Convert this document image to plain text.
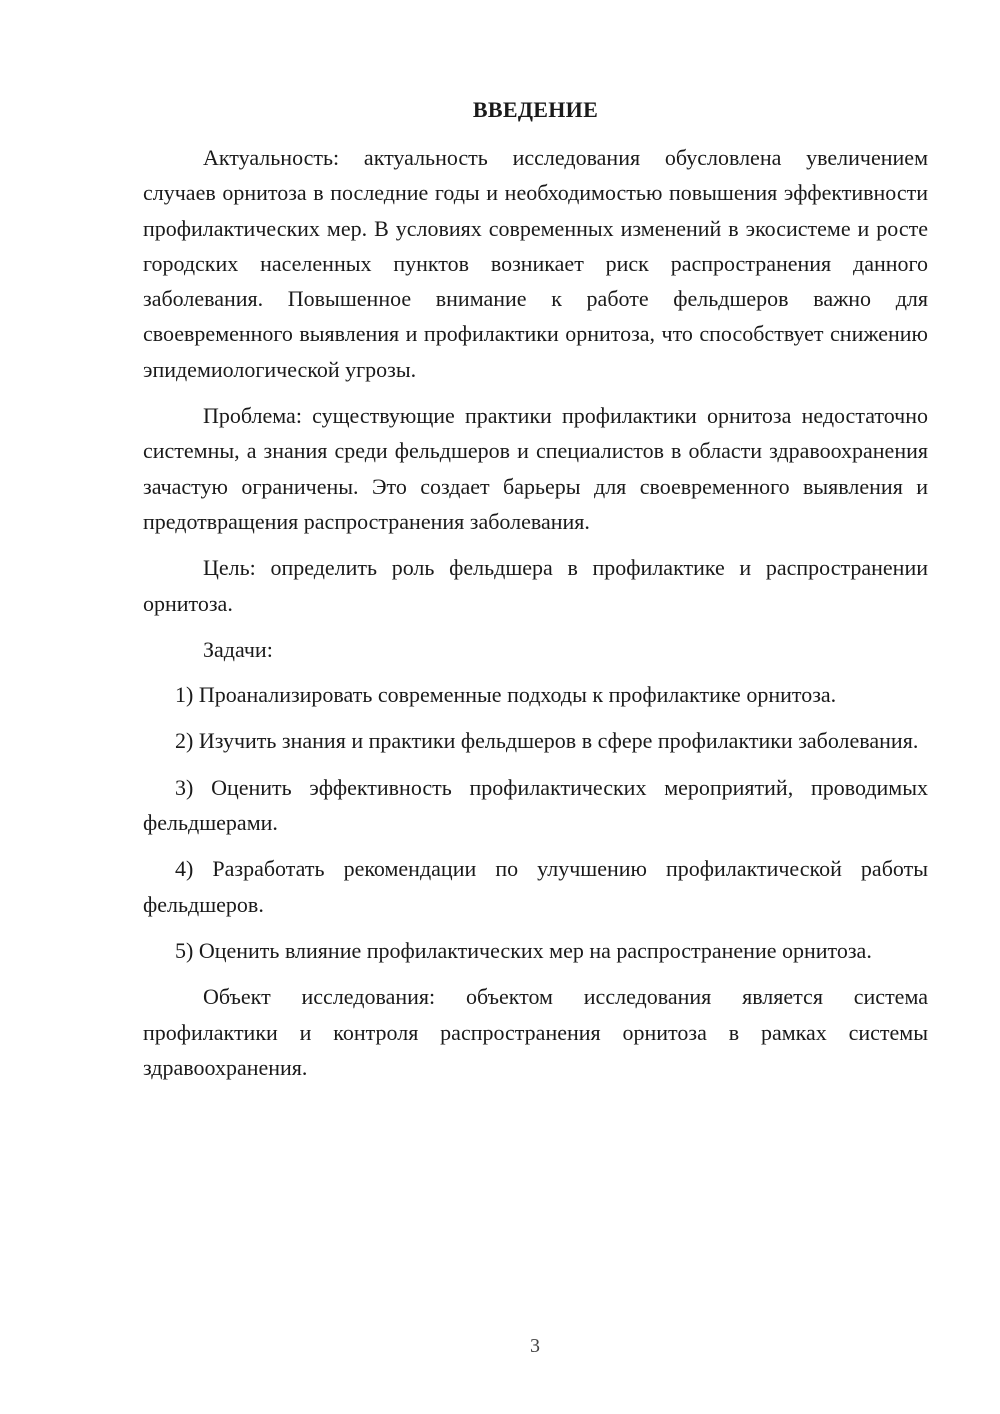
ВВЕДЕНИЕ

Актуальность: актуальность исследования обусловлена увеличением случаев орнитоза в последние годы и необходимостью повышения эффективности профилактических мер. В условиях современных изменений в экосистеме и росте городских населенных пунктов возникает риск распространения данного заболевания. Повышенное внимание к работе фельдшеров важно для своевременного выявления и профилактики орнитоза, что способствует снижению эпидемиологической угрозы.

Проблема: существующие практики профилактики орнитоза недостаточно системны, а знания среди фельдшеров и специалистов в области здравоохранения зачастую ограничены. Это создает барьеры для своевременного выявления и предотвращения распространения заболевания.

Цель: определить роль фельдшера в профилактике и распространении орнитоза.

Задачи:

1) Проанализировать современные подходы к профилактике орнитоза.

2) Изучить знания и практики фельдшеров в сфере профилактики заболевания.

3) Оценить эффективность профилактических мероприятий, проводимых фельдшерами.

4) Разработать рекомендации по улучшению профилактической работы фельдшеров.

5) Оценить влияние профилактических мер на распространение орнитоза.

Объект исследования: объектом исследования является система профилактики и контроля распространения орнитоза в рамках системы здравоохранения.

3
